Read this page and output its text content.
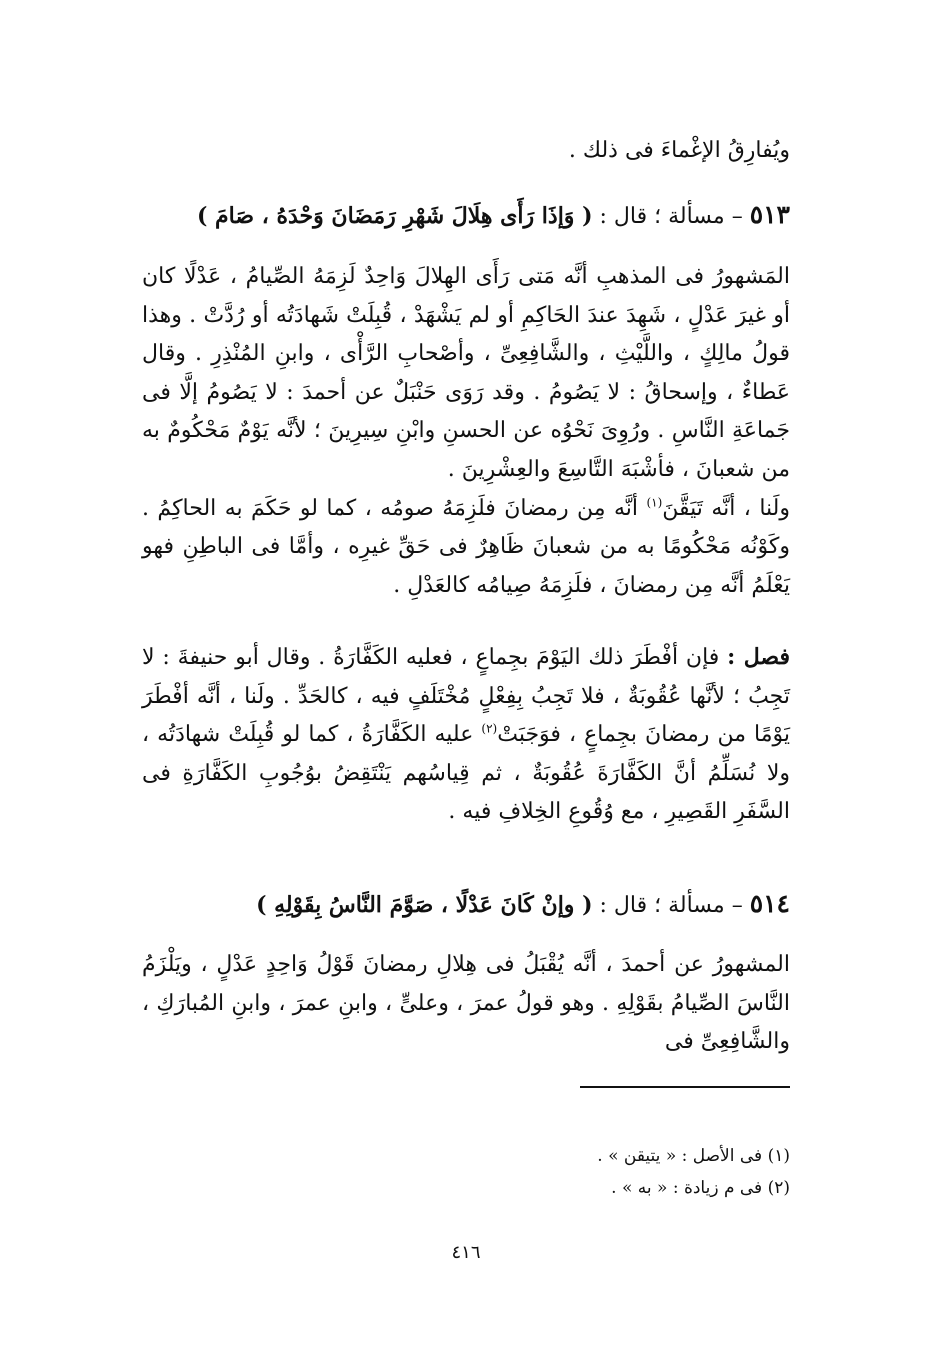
ويُفارِقُ الإغْماءَ فى ذلك .
٥١٣ – مسألة ؛ قال : ( وَإذَا رَأَى هِلَالَ شَهْرِ رَمَضَانَ وَحْدَهُ ، صَامَ )
المَشهورُ فى المذهبِ أنَّه مَتى رَأَى الهِلالَ وَاحِدٌ لَزِمَهُ الصِّيامُ ، عَدْلًا كان أو غيرَ عَدْلٍ ، شَهِدَ عندَ الحَاكِمِ أو لم يَشْهَدْ ، قُبِلَتْ شَهادَتُه أو رُدَّتْ . وهذا قولُ مالِكٍ ، واللَّيْثِ ، والشَّافِعِىِّ ، وأصْحابِ الرَّأْى ، وابنِ المُنْذِرِ . وقال عَطاءٌ ، وإسحاقُ : لا يَصُومُ . وقد رَوَى حَنْبَلٌ عن أحمدَ : لا يَصُومُ إلَّا فى جَماعَةِ النَّاسِ . ورُوِىَ نَحْوُه عن الحسنِ وابْنِ سِيرِينَ ؛ لأنَّه يَوْمٌ مَحْكُومٌ به من شعبانَ ، فأشْبَهَ التَّاسِعَ والعِشْرِينَ .
ولَنا ، أنَّه تَيَقَّنَ$^{(١)}$ أنَّه مِن رمضانَ فلَزِمَهُ صومُه ، كما لو حَكَمَ به الحاكِمُ . وكَوْنُه مَحْكُومًا به من شعبانَ ظَاهِرٌ فى حَقِّ غيرِه ، وأمَّا فى الباطِنِ فهو يَعْلَمُ أنَّه مِن رمضانَ ، فلَزِمَهُ صِيامُه كالعَدْلِ .
فصل : فإن أفْطَرَ ذلك اليَوْمَ بجِماعٍ ، فعليه الكَفَّارَةُ . وقال أبو حنيفةَ : لا تَجِبُ ؛ لأنَّها عُقُوبَةٌ ، فلا تَجِبُ بِفِعْلٍ مُخْتَلَفٍ فيه ، كالحَدِّ . ولَنا ، أنَّه أفْطَرَ يَوْمًا من رمضانَ بجِماعٍ ، فوَجَبَتْ$^{(٢)}$ عليه الكَفَّارَةُ ، كما لو قُبِلَتْ شهادَتُه ، ولا نُسَلِّمُ أنَّ الكَفَّارَةَ عُقُوبَةٌ ، ثم قِياسُهم يَنْتَقِضُ بوُجُوبِ الكَفَّارَةِ فى السَّفَرِ القَصِيرِ ، مع وُقُوعِ الخِلافِ فيه .
٥١٤ – مسألة ؛ قال : ( وإنْ كَانَ عَدْلًا ، صَوَّمَ النَّاسُ بِقَوْلِهِ )
المشهورُ عن أحمدَ ، أنَّه يُقْبَلُ فى هِلالِ رمضانَ قَوْلُ وَاحِدٍ عَدْلٍ ، ويَلْزَمُ النَّاسَ الصِّيامُ بقَوْلِهِ . وهو قولُ عمرَ ، وعلىٍّ ، وابنِ عمرَ ، وابنِ المُبارَكِ ، والشَّافِعِىِّ فى
(١) فى الأصل : « يتيقن » .
(٢) فى م زيادة : « به » .
٤١٦
